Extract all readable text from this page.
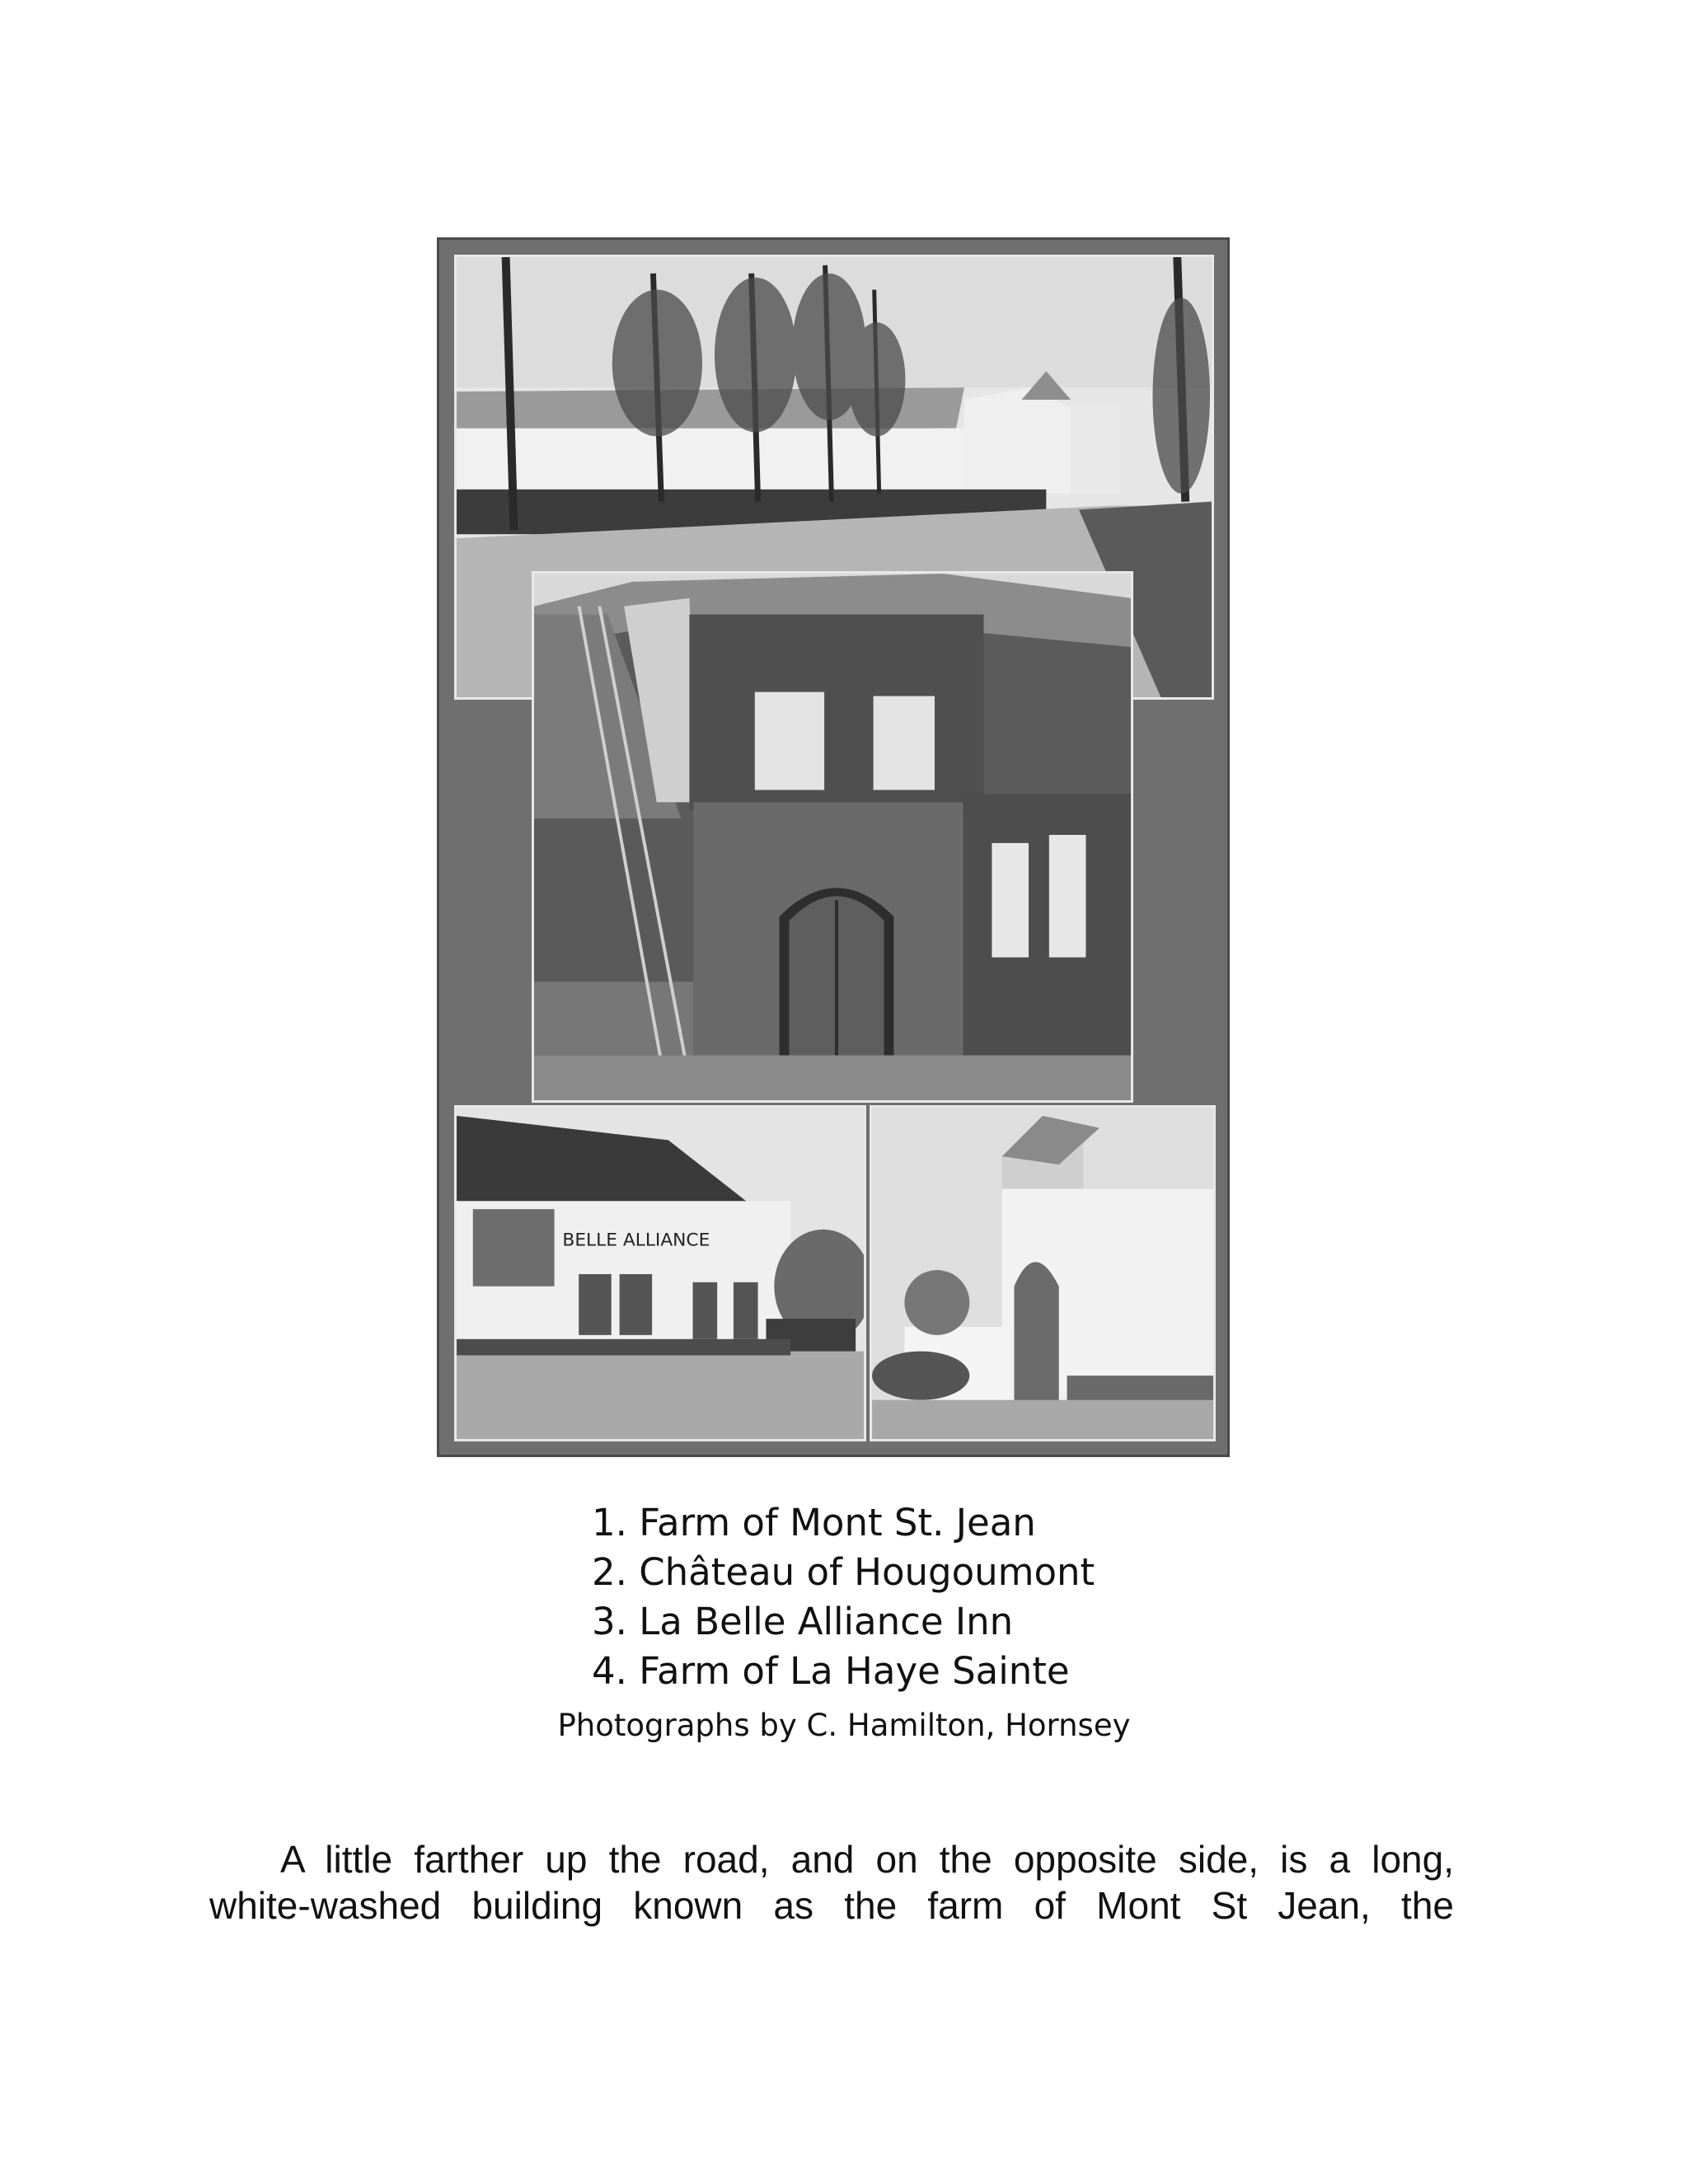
BELLE ALLIANCE
1. Farm of Mont St. Jean
2. Château of Hougoumont
3. La Belle Alliance Inn
4. Farm of La Haye Sainte
Photographs by C. Hamilton, Hornsey

A little farther up the road, and on the opposite side, is a long,
white-washed building known as the farm of Mont St Jean, the
